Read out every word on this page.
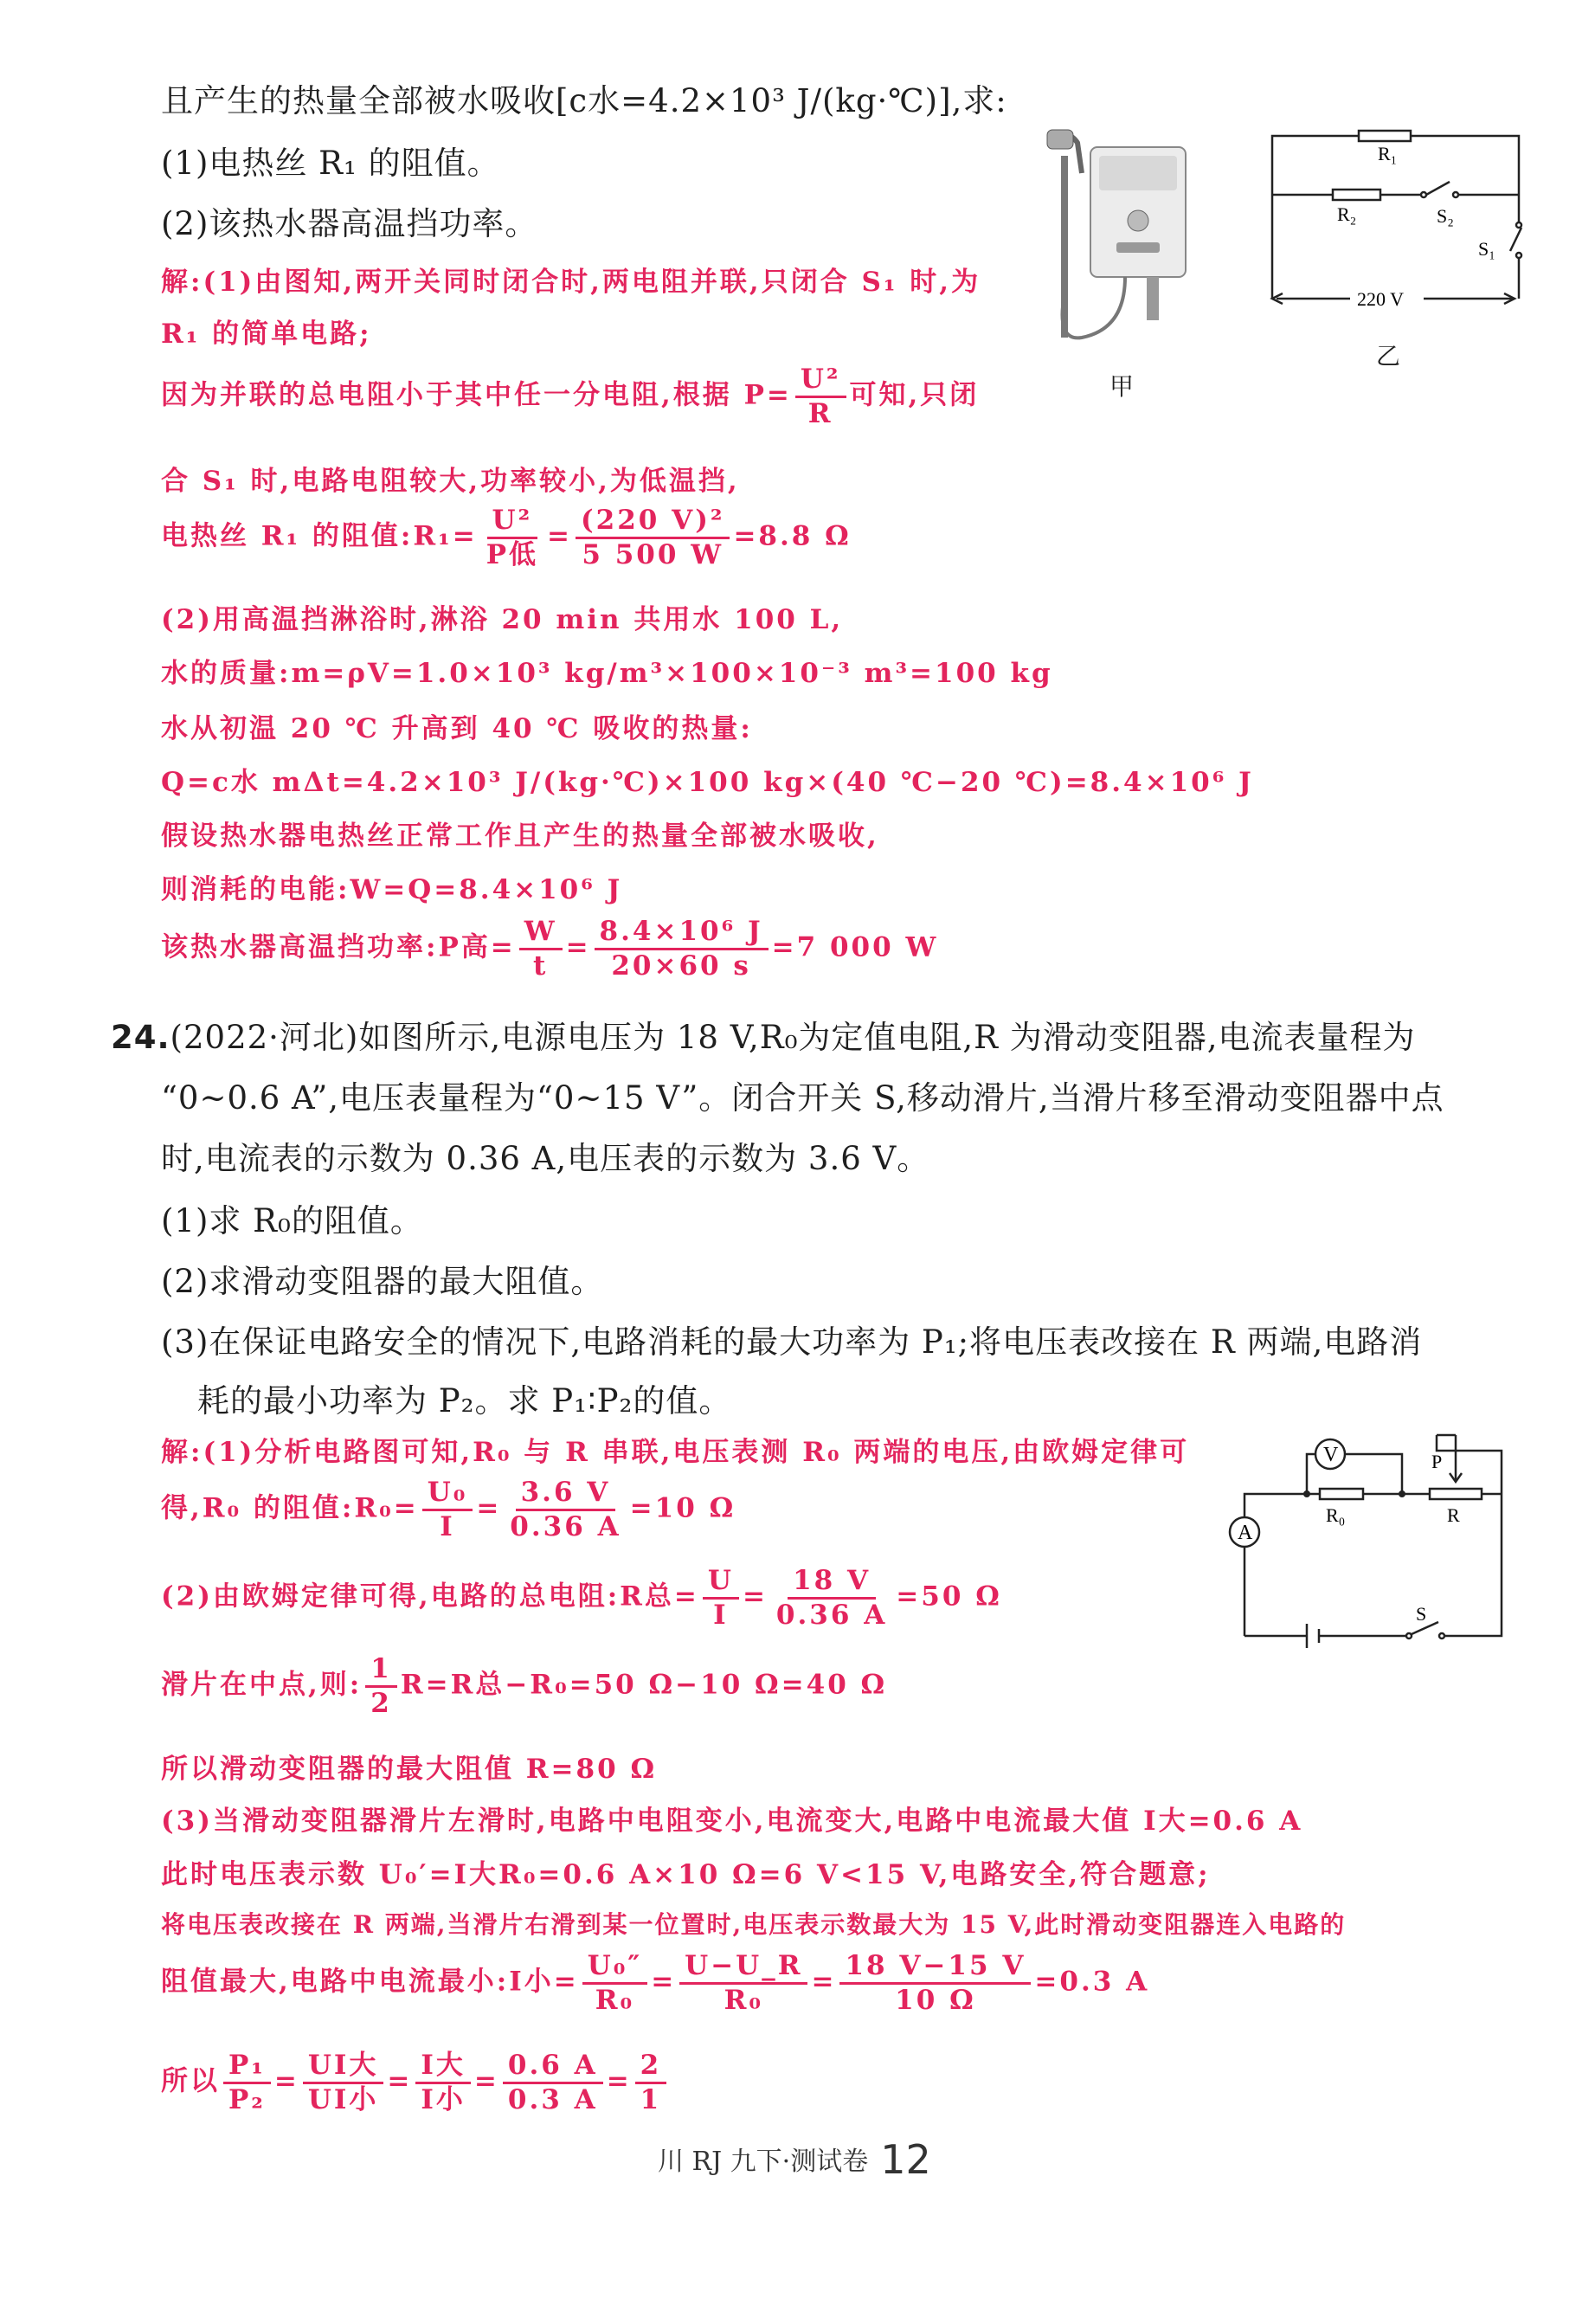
且产生的热量全部被水吸收[c水=4.2×10³ J/(kg·℃)],求:
(1)电热丝 R₁ 的阻值。
(2)该热水器高温挡功率。
甲
R₁
R₂	S₂
S₁
220 V
乙
解:(1)由图知,两开关同时闭合时,两电阻并联,只闭合 S₁ 时,为
R₁ 的简单电路;
因为并联的总电阻小于其中任一分电阻,根据 $P= \frac{\text{U²}}{R}$ 可知,只闭
合 S₁ 时,电路电阻较大,功率较小,为低温挡,
电热丝 R₁ 的阻值:R₁= $\frac{\text{U²}}{\text{P低}} = \frac{\text{(220 V)²}}{5 500 W} =8.8$ Ω
(2)用高温挡淋浴时,淋浴 20 min 共用水 100 L,
水的质量:m=ρV=1.0×10³ kg/m³×100×10⁻³ m³=100 kg
水从初温 20 ℃ 升高到 40 ℃ 吸收的热量:
Q=c水 mΔt=4.2×10³ J/(kg·℃)×100 kg×(40 ℃−20 ℃)=8.4×10⁶ J
假设热水器电热丝正常工作且产生的热量全部被水吸收,
则消耗的电能:W=Q=8.4×10⁶ J
该热水器高温挡功率:P高= $\frac{W}{t} = \frac{\text{8.4×10⁶ J}}{20\times 60 s} =7$ 000 W
24.(2022·河北)如图所示,电源电压为 18 V,R₀为定值电阻,R 为滑动变阻器,电流表量程为
“0~0.6 A”,电压表量程为“0~15 V”。闭合开关 S,移动滑片,当滑片移至滑动变阻器中点
时,电流表的示数为 0.36 A,电压表的示数为 3.6 V。
(1)求 R₀的阻值。
(2)求滑动变阻器的最大阻值。
(3)在保证电路安全的情况下,电路消耗的最大功率为 P₁;将电压表改接在 R 两端,电路消
耗的最小功率为 P₂。求 P₁∶P₂的值。
V
A
P
R₀	R
S
解:(1)分析电路图可知,R₀ 与 R 串联,电压表测 R₀ 两端的电压,由欧姆定律可
得,R₀ 的阻值:R₀= $\frac{\text{U₀}}{I} = \frac{3.6 V}{0.36 A} =10$ Ω
(2)由欧姆定律可得,电路的总电阻:R总= $\frac{U}{I} = \frac{18 V}{0.36 A} =50$ Ω
滑片在中点,则: $\frac{1}{2} R=R$总−R₀=50 Ω−10 Ω=40 Ω
所以滑动变阻器的最大阻值 R=80 Ω
(3)当滑动变阻器滑片左滑时,电路中电阻变小,电流变大,电路中电流最大值 I大=0.6 A
此时电压表示数 U₀′=I大R₀=0.6 A×10 Ω=6 V<15 V,电路安全,符合题意;
将电压表改接在 R 两端,当滑片右滑到某一位置时,电压表示数最大为 15 V,此时滑动变阻器连入电路的
阻值最大,电路中电流最小:I小= $\frac{\text{U₀″}}{\text{R₀}} = \frac{U-U\_R}{\text{R₀}} = \frac{18 V-15 V}{10 \Omega} =0.3$ A
所以 $\frac{\text{P₁}}{\text{P₂}} = \frac{\text{UI大}}{\text{UI小}} = \frac{\text{I大}}{\text{I小}} = \frac{0.6 A}{0.3 A} = \frac{2}{1}$
川 RJ 九下·测试卷 12
